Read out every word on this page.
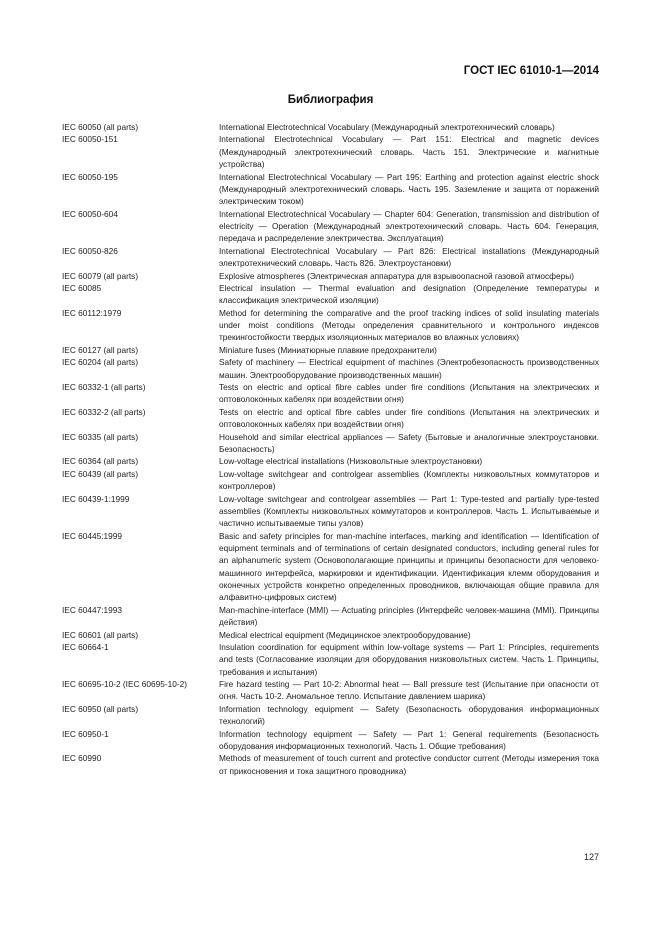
ГОСТ IEC 61010-1—2014
Библиография
IEC 60050 (all parts)	International Electrotechnical Vocabulary (Международный электротехнический словарь)
IEC 60050-151	International Electrotechnical Vocabulary — Part 151: Electrical and magnetic devices (Международный электротехнический словарь. Часть 151. Электрические и магнитные устройства)
IEC 60050-195	International Electrotechnical Vocabulary — Part 195: Earthing and protection against electric shock (Международный электротехнический словарь. Часть 195. Заземление и защита от поражений электрическим током)
IEC 60050-604	International Electrotechnical Vocabulary — Chapter 604: Generation, transmission and distribution of electricity — Operation (Международный электротехнический словарь. Часть 604. Генерация, передача и распределение электричества. Эксплуатация)
IEC 60050-826	International Electrotechnical Vocabulary — Part 826: Electrical installations (Международный электротехнический словарь. Часть 826. Электроустановки)
IEC 60079 (all parts)	Explosive atmospheres (Электрическая аппаратура для взрывоопасной газовой атмосферы)
IEC 60085	Electrical insulation — Thermal evaluation and designation (Определение температуры и классификация электрической изоляции)
IEC 60112:1979	Method for determining the comparative and the proof tracking indices of solid insulating materials under moist conditions (Методы определения сравнительного и контрольного индексов трекингостойкости твердых изоляционных материалов во влажных условиях)
IEC 60127 (all parts)	Miniature fuses (Миниатюрные плавкие предохранители)
IEC 60204 (all parts)	Safety of machinery — Electrical equipment of machines (Электробезопасность производственных машин. Электрооборудование производственных машин)
IEC 60332-1 (all parts)	Tests on electric and optical fibre cables under fire conditions (Испытания на электрических и оптоволоконных кабелях при воздействии огня)
IEC 60332-2 (all parts)	Tests on electric and optical fibre cables under fire conditions (Испытания на электрических и оптоволоконных кабелях при воздействии огня)
IEC 60335 (all parts)	Household and similar electrical appliances — Safety (Бытовые и аналогичные электроустановки. Безопасность)
IEC 60364 (all parts)	Low-voltage electrical installations (Низковольтные электроустановки)
IEC 60439 (all parts)	Low-voltage switchgear and controlgear assemblies (Комплекты низковольтных коммутаторов и контроллеров)
IEC 60439-1:1999	Low-voltage switchgear and controlgear assemblies — Part 1: Type-tested and partially type-tested assemblies (Комплекты низковольтных коммутаторов и контроллеров. Часть 1. Испытываемые и частично испытываемые типы узлов)
IEC 60445:1999	Basic and safety principles for man-machine interfaces, marking and identification — Identification of equipment terminals and of terminations of certain designated conductors, including general rules for an alphanumeric system (Основополагающие принципы и принципы безопасности для человеко-машинного интерфейса, маркировки и идентификации. Идентификация клемм оборудования и оконечных устройств конкретно определенных проводников, включающая общие правила для алфавитно-цифровых систем)
IEC 60447:1993	Man-machine-interface (MMI) — Actuating principles (Интерфейс человек-машина (MMI). Принципы действия)
IEC 60601 (all parts)	Medical electrical equipment (Медицинское электрооборудование)
IEC 60664-1	Insulation coordination for equipment within low-voltage systems — Part 1: Principles, requirements and tests (Согласование изоляции для оборудования низковольтных систем. Часть 1. Принципы, требования и испытания)
IEC 60695-10-2 (IEC 60695-10-2)	Fire hazard testing — Part 10-2: Abnormal heat — Ball pressure test (Испытание при опасности от огня. Часть 10-2. Аномальное тепло. Испытание давлением шарика)
IEC 60950 (all parts)	Information technology equipment — Safety (Безопасность оборудования информационных технологий)
IEC 60950-1	Information technology equipment — Safety — Part 1: General requirements (Безопасность оборудования информационных технологий. Часть 1. Общие требования)
IEC 60990	Methods of measurement of touch current and protective conductor current (Методы измерения тока от прикосновения и тока защитного проводника)
127
